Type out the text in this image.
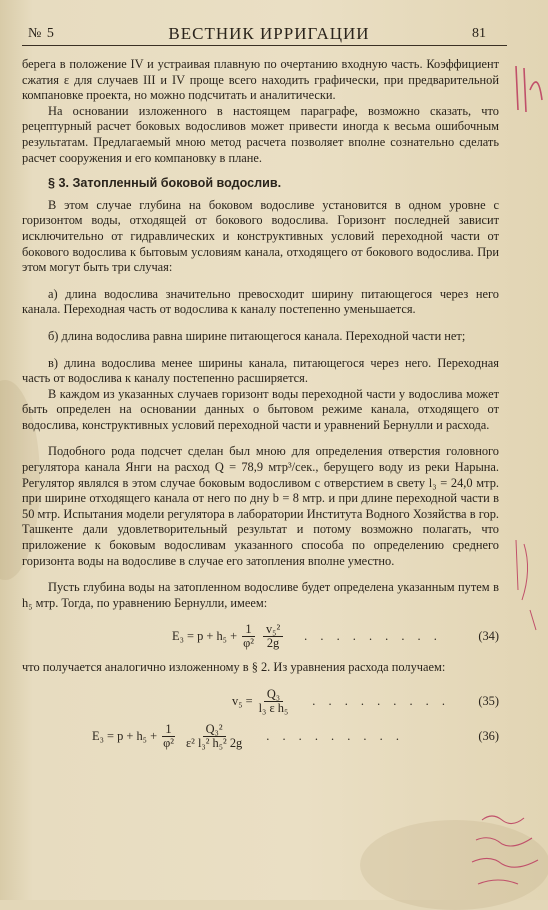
№ 5	ВЕСТНИК ИРРИГАЦИИ	81

берега в положение IV и устраивая плавную по очертанию входную часть. Коэффициент сжатия ε для случаев III и IV проще всего находить графически, при предварительной компановке проекта, но можно подсчитать и аналитически.

На основании изложенного в настоящем параграфе, возможно сказать, что рецептурный расчет боковых водосливов может привести иногда к весьма ошибочным результатам. Предлагаемый мною метод расчета позволяет вполне сознательно сделать расчет сооружения и его компановку в плане.

§ 3. Затопленный боковой водослив.

В этом случае глубина на боковом водосливе установится в одном уровне с горизонтом воды, отходящей от бокового водослива. Горизонт последней зависит исключительно от гидравлических и конструктивных условий переходной части от бокового водослива к бытовым условиям канала, отходящего от бокового водослива. При этом могут быть три случая:

а) длина водослива значительно превосходит ширину питающегося через него канала. Переходная часть от водослива к каналу постепенно уменьшается.

б) длина водослива равна ширине питающегося канала. Переходной части нет;

в) длина водослива менее ширины канала, питающегося через него. Переходная часть от водослива к каналу постепенно расширяется.

В каждом из указанных случаев горизонт воды переходной части у водослива может быть определен на основании данных о бытовом режиме канала, отходящего от водослива, конструктивных условий переходной части и уравнений Бернулли и расхода.

Подобного рода подсчет сделан был мною для определения отверстия головного регулятора канала Янги на расход Q = 78,9 мтр³/сек., берущего воду из реки Нарына. Регулятор являлся в этом случае боковым водосливом с отверстием в свету l₃ = 24,0 мтр. при ширине отходящего канала от него по дну b = 8 мтр. и при длине переходной части в 50 мтр. Испытания модели регулятора в лаборатории Института Водного Хозяйства в гор. Ташкенте дали удовлетворительный результат и потому возможно полагать, что приложение к боковым водосливам указанного способа по определению среднего горизонта воды на водосливе в случае его затопления вполне уместно.

Пусть глубина воды на затопленном водосливе будет определена указанным путем в h₅ мтр. Тогда, по уравнению Бернулли, имеем:

$E_3 = p + h_5 + \frac{1}{\text{φ²}} \frac{\text{v₅²}}{2g}$ . . . . . . . . .	(34)

что получается аналогично изложенному в § 2. Из уравнения расхода получаем:

$v_5 = \frac{\text{Q₃}}{\text{l₃ ε h₅}}$ . . . . . . . . . (35)
$E_3 = p + h_5 + \frac{1}{\text{φ²}} \frac{\text{Q₃²}}{\text{ε² l₃² h₅² 2g}}$ . . . . . . . . .	(36)
